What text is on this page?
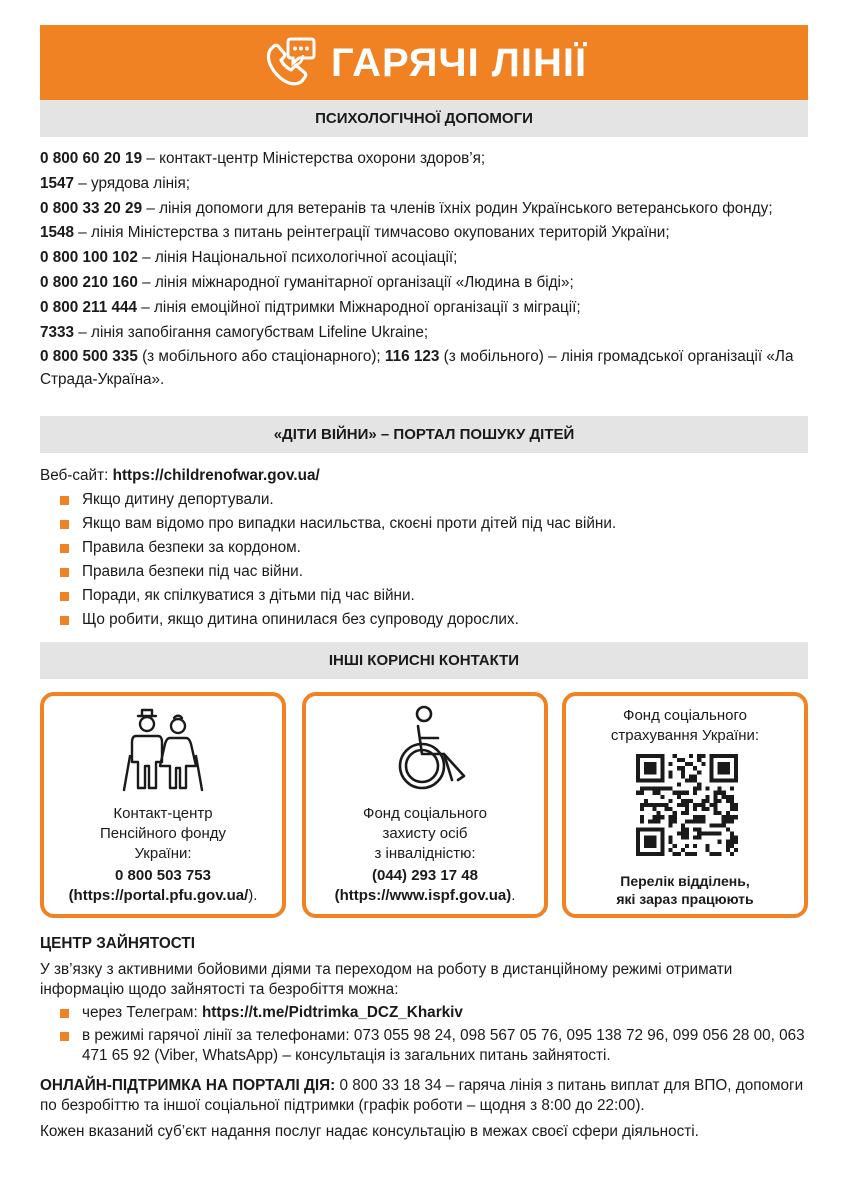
ГАРЯЧІ ЛІНІЇ
ПСИХОЛОГІЧНОЇ ДОПОМОГИ
0 800 60 20 19 – контакт-центр Міністерства охорони здоров’я;
1547 – урядова лінія;
0 800 33 20 29 – лінія допомоги для ветеранів та членів їхніх родин Українського ветеранського фонду;
1548 – лінія Міністерства з питань реінтеграції тимчасово окупованих територій України;
0 800 100 102 – лінія Національної психологічної асоціації;
0 800 210 160 – лінія міжнародної гуманітарної організації «Людина в біді»;
0 800 211 444 – лінія емоційної підтримки Міжнародної організації з міграції;
7333 – лінія запобігання самогубствам Lifeline Ukraine;
0 800 500 335 (з мобільного або стаціонарного); 116 123 (з мобільного) – лінія громадської організації «Ла Страда-Україна».
«ДІТИ ВІЙНИ» – ПОРТАЛ ПОШУКУ ДІТЕЙ
Веб-сайт: https://childrenofwar.gov.ua/
Якщо дитину депортували.
Якщо вам відомо про випадки насильства, скоєні проти дітей під час війни.
Правила безпеки за кордоном.
Правила безпеки під час війни.
Поради, як спілкуватися з дітьми під час війни.
Що робити, якщо дитина опинилася без супроводу дорослих.
ІНШІ КОРИСНІ КОНТАКТИ
Контакт-центр
Пенсійного фонду
України:
0 800 503 753
(https://portal.pfu.gov.ua/).
Фонд соціального
захисту осіб
з інвалідністю:
(044) 293 17 48
(https://www.ispf.gov.ua).
Фонд соціального
страхування України:
Перелік відділень,
які зараз працюють
ЦЕНТР ЗАЙНЯТОСТІ
У зв’язку з активними бойовими діями та переходом на роботу в дистанційному режимі отримати інформацію щодо зайнятості та безробіття можна:
через Телеграм: https://t.me/Pidtrimka_DCZ_Kharkiv
в режимі гарячої лінії за телефонами: 073 055 98 24, 098 567 05 76, 095 138 72 96, 099 056 28 00, 063 471 65 92 (Viber, WhatsApp) – консультація із загальних питань зайнятості.
ОНЛАЙН-ПІДТРИМКА НА ПОРТАЛІ ДІЯ: 0 800 33 18 34 – гаряча лінія з питань виплат для ВПО, допомоги по безробіттю та іншої соціальної підтримки (графік роботи – щодня з 8:00 до 22:00).
Кожен вказаний суб’єкт надання послуг надає консультацію в межах своєї сфери діяльності.
